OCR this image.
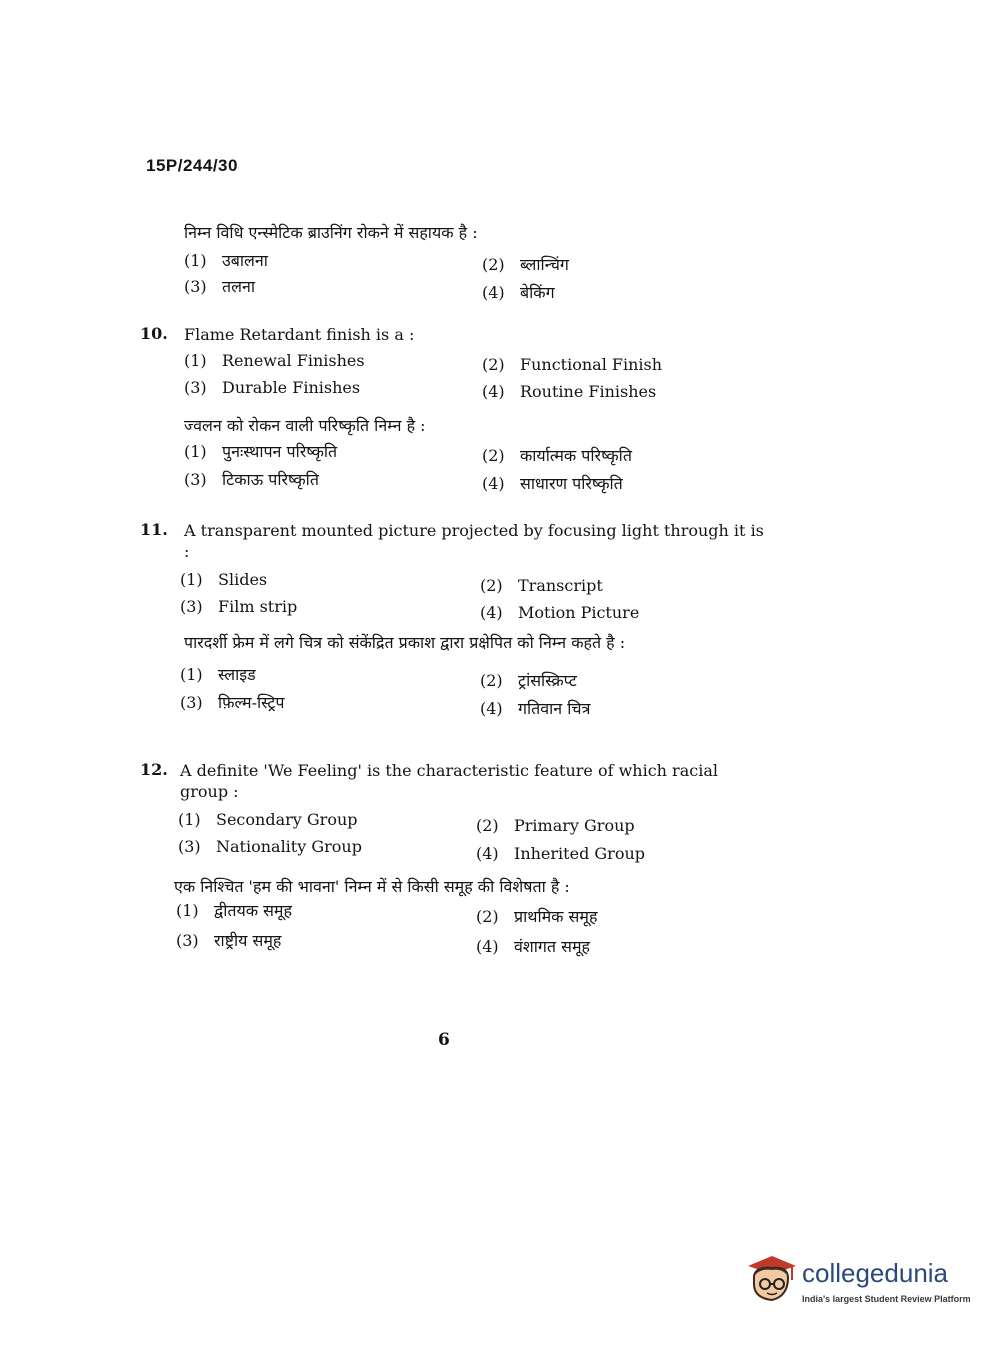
15P/244/30
निम्न विधि एन्स्मेटिक ब्राउनिंग रोकने में सहायक है :
(1) उबालना	(2) ब्लान्चिंग
(3) तलना	(4) बेकिंग
10. Flame Retardant finish is a :
(1) Renewal Finishes	(2) Functional Finish
(3) Durable Finishes	(4) Routine Finishes
ज्वलन को रोकन वाली परिष्कृति निम्न है :
(1) पुनःस्थापन परिष्कृति	(2) कार्यात्मक परिष्कृति
(3) टिकाऊ परिष्कृति	(4) साधारण परिष्कृति
11. A transparent mounted picture projected by focusing light through it is :
(1) Slides	(2) Transcript
(3) Film strip	(4) Motion Picture
पारदर्शी फ्रेम में लगे चित्र को संकेंद्रित प्रकाश द्वारा प्रक्षेपित को निम्न कहते है :
(1) स्लाइड	(2) ट्रांसस्क्रिप्ट
(3) फ़िल्म-स्ट्रिप	(4) गतिवान चित्र
12. A definite 'We Feeling' is the characteristic feature of which racial group :
(1) Secondary Group	(2) Primary Group
(3) Nationality Group	(4) Inherited Group
एक निश्चित 'हम की भावना' निम्न में से किसी समूह की विशेषता है :
(1) द्वीतयक समूह	(2) प्राथमिक समूह
(3) राष्ट्रीय समूह	(4) वंशागत समूह
6
collegedunia
India's largest Student Review Platform
